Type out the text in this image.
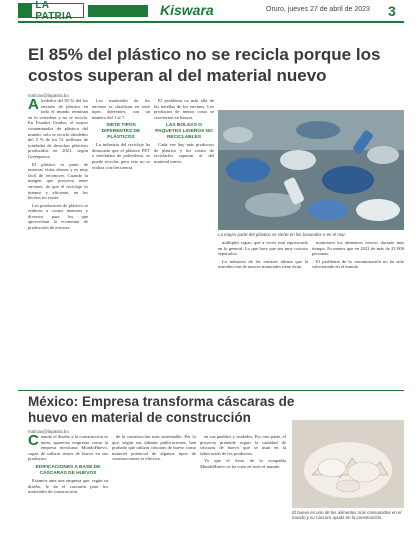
LA PATRIA	Kiswara	Oruro, jueves 27 de abril de 2023 3
El 85% del plástico no se recicla porque los costos superan al del material nuevo
noticias@lapatria.bo
A lrededor del 85 % del los envases de plástico en todo el mundo terminan en la vertedera y no se recicla. En Estados Unidos, el mayor contaminador de plástico del mundo, solo se recicló alrededor del 5 % de los 51 millones de toneladas de desechos plásticos producidos en 2021, según Greenpeace.

El plástico es parte de nuestras vidas diarias y es muy fácil de reconocer. Cuando la imagen que proyecta tener envases, de que el reciclaje es intenso y eficiente, en los hechos no existe.

Los productores de plástico se reducen a costos menores y diversos para los que aprovechan la economía de producción de envases.

Los materiales de los envases se clasifican en siete tipos diferentes, con un número del 1 al 7.

SIETE TIPOS DIFERENTES DE PLÁSTICOS

La industria del reciclaje ha destacado que el plástico PET o tereftalato de polietileno, se puede reciclar, pero esto no se realiza con frecuencia.

El problema va más allá de las botellas de los envases. Los productos de menor costo se convierten en basura.

LAS BOLSAS O PAQUETES LIGEROS NO RECICLABLES

Cada vez hay más productos de plástico y los costos de reciclarlos superan al del material nuevo.

La mayor parte del plástico se vierte en los basurales o en el mar.

múltiples capas, que a veces está equivocado en lo general. Lo que hace que sea muy costoso separarlos.

La industria de los envases afirma que la introducción de nuevos materiales tiene éxito.

monitoreo los alimentos frescos durante más tiempo. Es menos que en 2022 de más de 23 000 personas.

El problema de la contaminación no ha sido solucionado en el mundo.

México: Empresa transforma cáscaras de huevo en material de construcción
noticias@lapatria.bo
C uando el diseño y la construcción se unen, aparecen empresas como la empresa mexicana MundoHuevo, capaz de utilizar restos de huevo en sus productos.

EDIFICACIONES A BASE DE CÁSCARAS DE HUEVOS

Estamos ante una empresa que, según su diseño, le da el cascarón para los materiales de construcción.

de la construcción más sustentable. Por lo que, según sus últimas publicaciones, han probado que utilizar cáscaras de huevo como material potencial de algunos tipos de construcciones es efectivo.

en sus pueblos y ciudades. Por otro parte, el proyecto pretende seguir la cantidad de cáscaras de huevo que se usan en la fabricación de los productos.

Ya que el éxito de la compañía MundoHuevo se ha visto en todo el mundo.

El huevo es uno de los alimentos más consumidos en el mundo y su cáscara ayuda en la construcción.
